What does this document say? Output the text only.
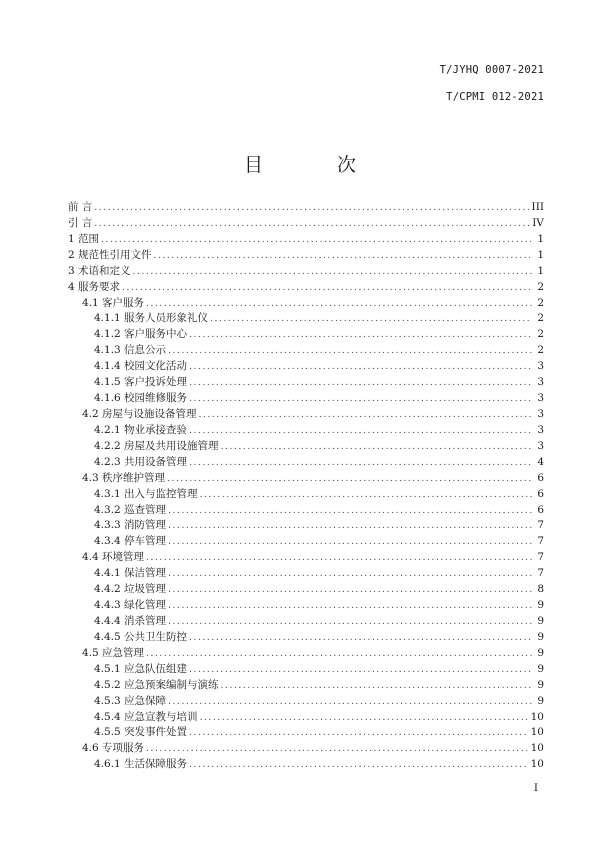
T/JYHQ 0007-2021
T/CPMI 012-2021
目 次
前 言 .....	III
引 言 .....	IV
1 范围 .....	1
2 规范性引用文件 .....	1
3 术语和定义 .....	1
4 服务要求 .....	2
4.1 客户服务 .....	2
4.1.1 服务人员形象礼仪 .....	2
4.1.2 客户服务中心 .....	2
4.1.3 信息公示 .....	2
4.1.4 校园文化活动 .....	3
4.1.5 客户投诉处理 .....	3
4.1.6 校园维修服务 .....	3
4.2 房屋与设施设备管理 .....	3
4.2.1 物业承接查验 .....	3
4.2.2 房屋及共用设施管理 .....	3
4.2.3 共用设备管理 .....	4
4.3 秩序维护管理 .....	6
4.3.1 出入与监控管理 .....	6
4.3.2 巡查管理 .....	6
4.3.3 消防管理 .....	7
4.3.4 停车管理 .....	7
4.4 环境管理 .....	7
4.4.1 保洁管理 .....	7
4.4.2 垃圾管理 .....	8
4.4.3 绿化管理 .....	9
4.4.4 消杀管理 .....	9
4.4.5 公共卫生防控 .....	9
4.5 应急管理 .....	9
4.5.1 应急队伍组建 .....	9
4.5.2 应急预案编制与演练 .....	9
4.5.3 应急保障 .....	9
4.5.4 应急宣教与培训 .....	10
4.5.5 突发事件处置 .....	10
4.6 专项服务 .....	10
4.6.1 生活保障服务 .....	10
I
